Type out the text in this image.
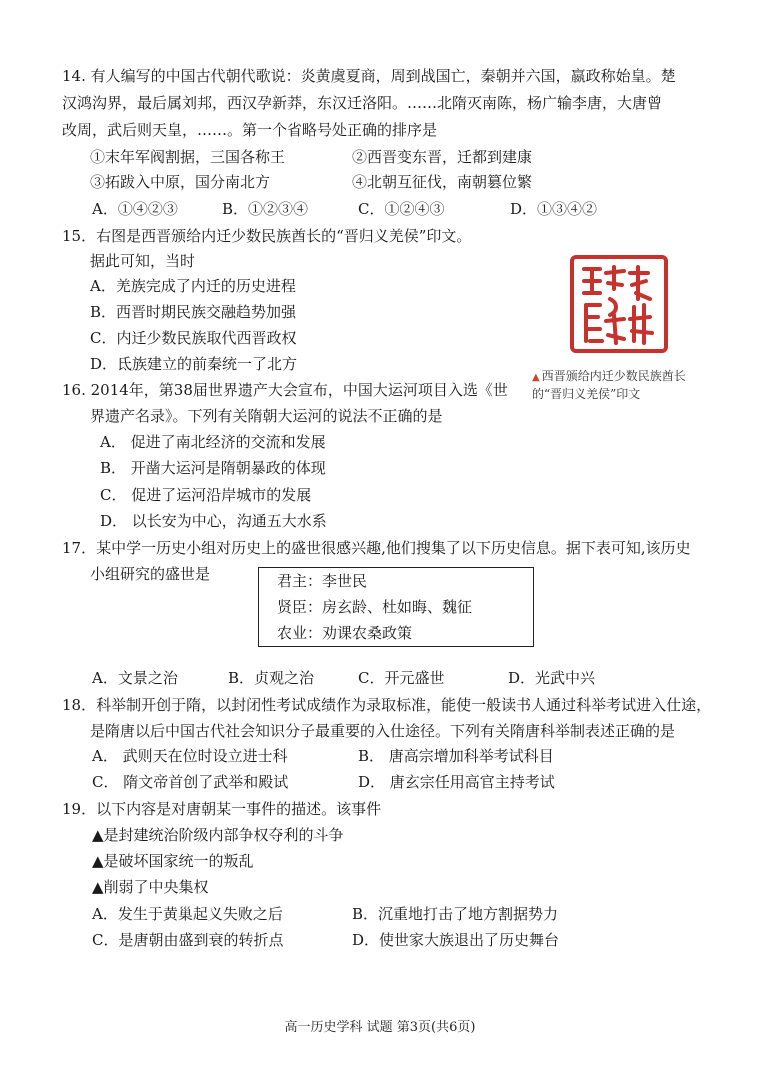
14. 有人编写的中国古代朝代歌说：炎黄虞夏商，周到战国亡，秦朝并六国，嬴政称始皇。楚
汉鸿沟界，最后属刘邦，西汉孕新莽，东汉迁洛阳。……北隋灭南陈，杨广输李唐，大唐曾
改周，武后则天皇，……。第一个省略号处正确的排序是
①末年军阀割据，三国各称王	②西晋变东晋，迁都到建康
③拓跋入中原，国分南北方	④北朝互征伐，南朝篡位繁
A．①④②③	B．①②③④	C．①②④③	D．①③④②
15．右图是西晋颁给内迁少数民族酋长的“晋归义羌侯”印文。
据此可知，当时
A．羌族完成了内迁的历史进程
B．西晋时期民族交融趋势加强
C．内迁少数民族取代西晋政权
D．氐族建立的前秦统一了北方
▲ 西晋颁给内迁少数民族酋长
的“晋归义羌侯”印文
16. 2014年，第38届世界遗产大会宣布，中国大运河项目入选《世
界遗产名录》。下列有关隋朝大运河的说法不正确的是
A． 促进了南北经济的交流和发展
B． 开凿大运河是隋朝暴政的体现
C． 促进了运河沿岸城市的发展
D． 以长安为中心，沟通五大水系
17．某中学一历史小组对历史上的盛世很感兴趣,他们搜集了以下历史信息。据下表可知,该历史
小组研究的盛世是	君主：李世民
贤臣：房玄龄、杜如晦、魏征
农业：劝课农桑政策
A．文景之治	B．贞观之治	C．开元盛世	D．光武中兴
18．科举制开创于隋，以封闭性考试成绩作为录取标准，能使一般读书人通过科举考试进入仕途，
是隋唐以后中国古代社会知识分子最重要的入仕途径。下列有关隋唐科举制表述正确的是
A． 武则天在位时设立进士科	B． 唐高宗增加科举考试科目
C． 隋文帝首创了武举和殿试	D． 唐玄宗任用高官主持考试
19．以下内容是对唐朝某一事件的描述。该事件
▲是封建统治阶级内部争权夺利的斗争
▲是破坏国家统一的叛乱
▲削弱了中央集权
A．发生于黄巢起义失败之后	B．沉重地打击了地方割据势力
C．是唐朝由盛到衰的转折点	D．使世家大族退出了历史舞台
高一历史学科 试题 第3页(共6页)
